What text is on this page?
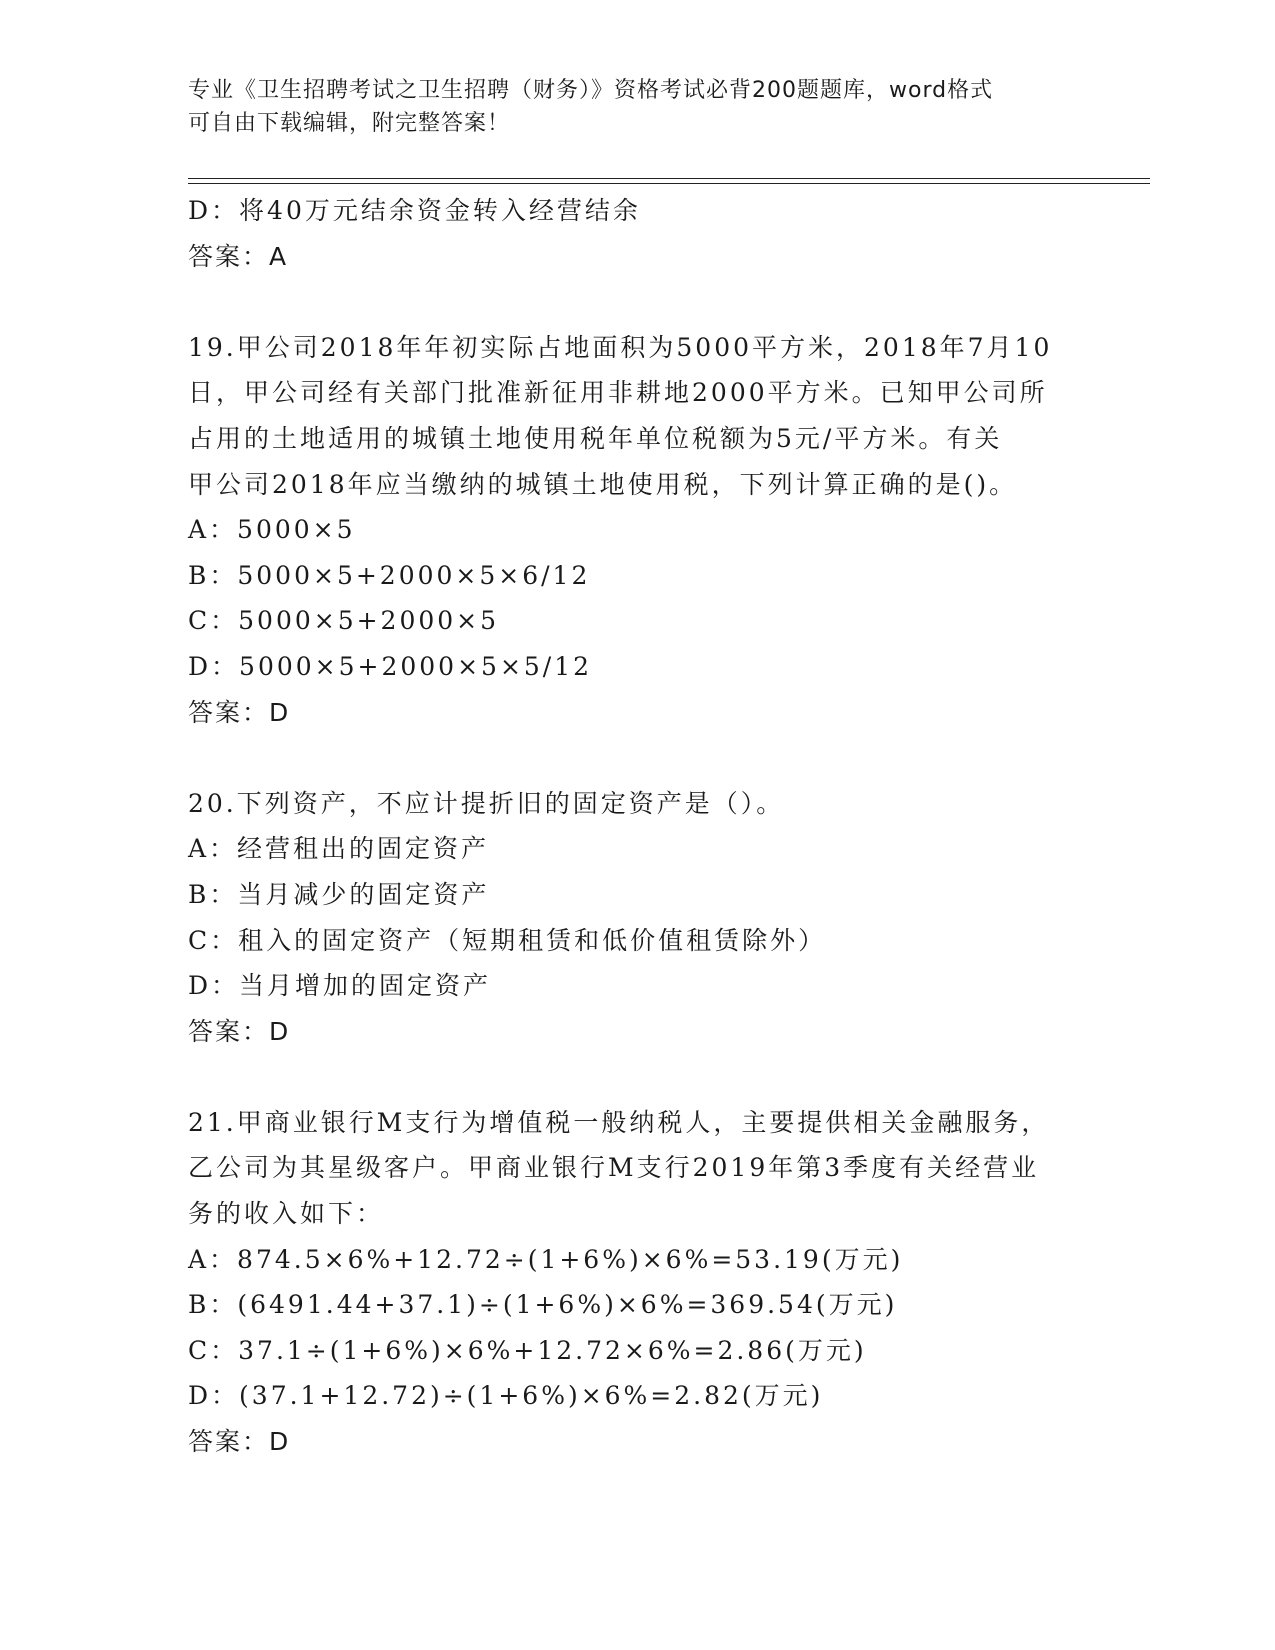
专业《卫生招聘考试之卫生招聘（财务）》资格考试必背200题题库，word格式
可自由下载编辑，附完整答案！
D：将40万元结余资金转入经营结余
答案：A
19.甲公司2018年年初实际占地面积为5000平方米，2018年7月10
日，甲公司经有关部门批准新征用非耕地2000平方米。已知甲公司所
占用的土地适用的城镇土地使用税年单位税额为5元/平方米。有关
甲公司2018年应当缴纳的城镇土地使用税，下列计算正确的是()。
A：5000×5
B：5000×5+2000×5×6/12
C：5000×5+2000×5
D：5000×5+2000×5×5/12
答案：D
20.下列资产，不应计提折旧的固定资产是（）。
A：经营租出的固定资产
B：当月减少的固定资产
C：租入的固定资产（短期租赁和低价值租赁除外）
D：当月增加的固定资产
答案：D
21.甲商业银行M支行为增值税一般纳税人，主要提供相关金融服务，
乙公司为其星级客户。甲商业银行M支行2019年第3季度有关经营业
务的收入如下：
A：874.5×6%+12.72÷(1+6%)×6%=53.19(万元)
B：(6491.44+37.1)÷(1+6%)×6%=369.54(万元)
C：37.1÷(1+6%)×6%+12.72×6%=2.86(万元)
D：(37.1+12.72)÷(1+6%)×6%=2.82(万元)
答案：D
